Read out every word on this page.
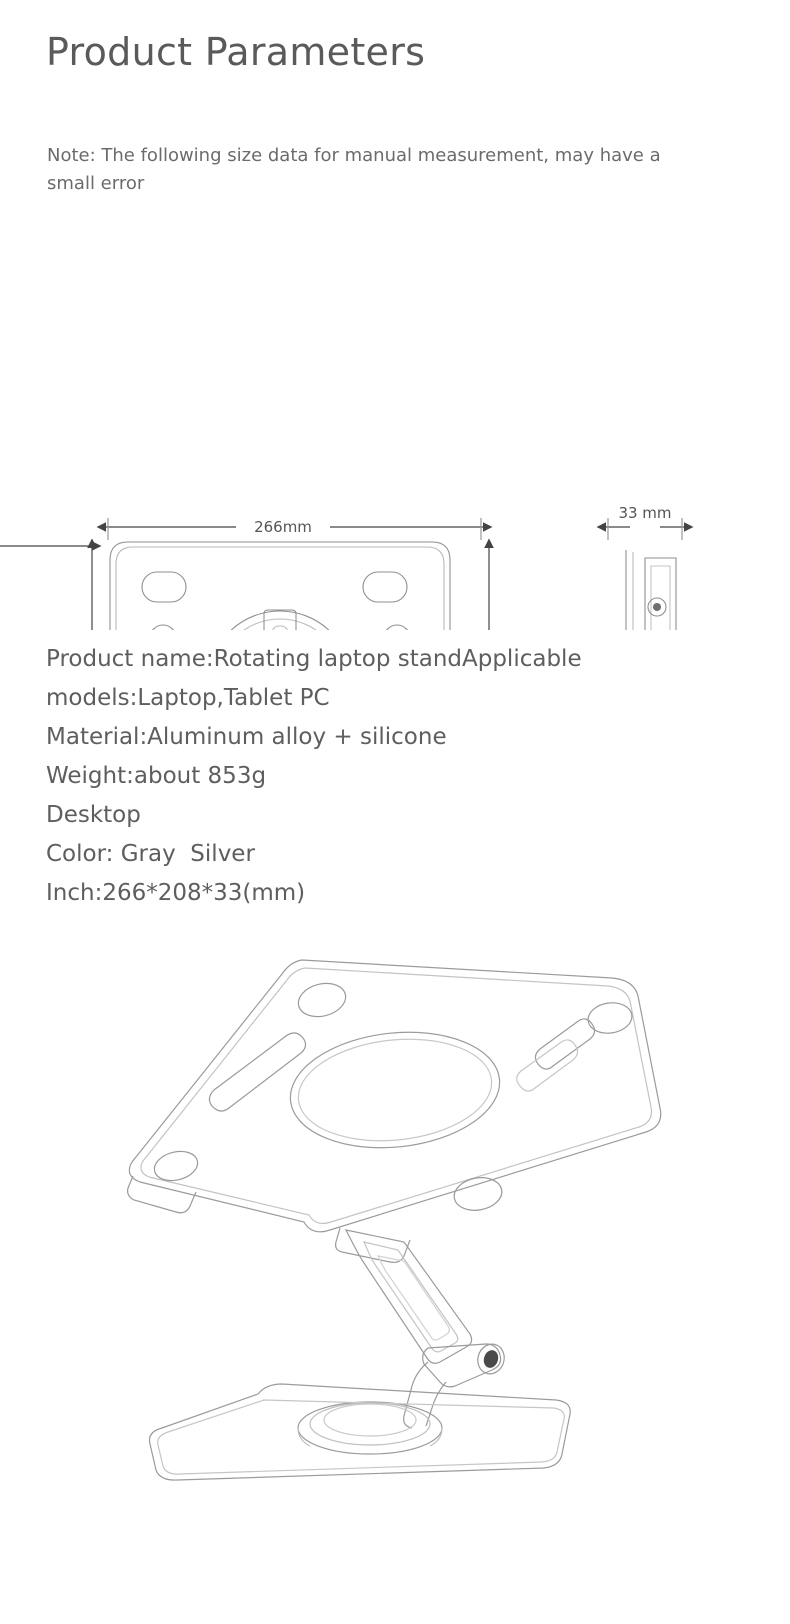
Product Parameters
Note: The following size data for manual measurement, may have a small error
266mm
33 mm
Product name:Rotating laptop standApplicable
models:Laptop,Tablet PC
Material:Aluminum alloy + silicone
Weight:about 853g
Desktop
Color: Gray  Silver
Inch:266*208*33(mm)
